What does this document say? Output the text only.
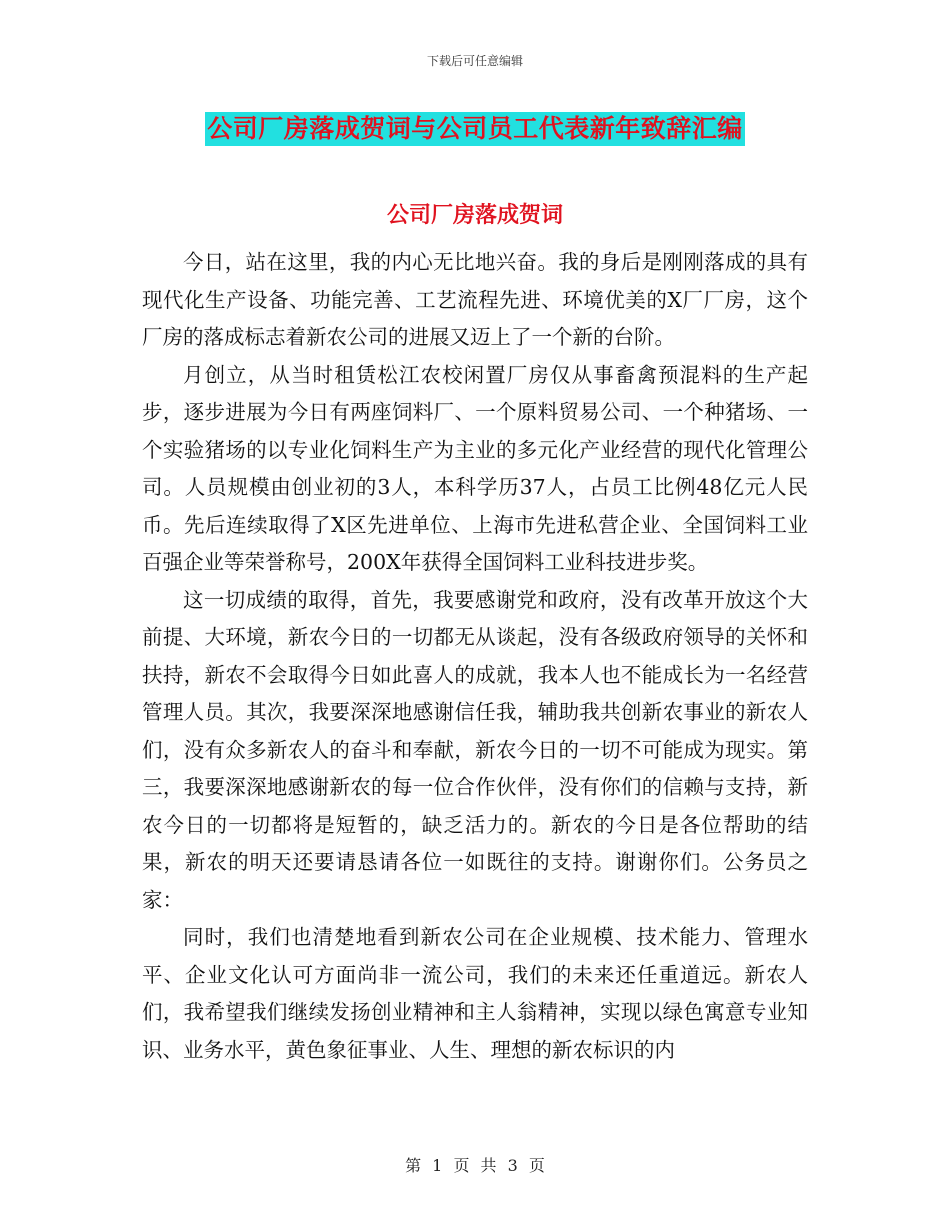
下载后可任意编辑
公司厂房落成贺词与公司员工代表新年致辞汇编
公司厂房落成贺词

今日，站在这里，我的内心无比地兴奋。我的身后是刚刚落成的具有现代化生产设备、功能完善、工艺流程先进、环境优美的X厂厂房，这个厂房的落成标志着新农公司的进展又迈上了一个新的台阶。

月创立，从当时租赁松江农校闲置厂房仅从事畜禽预混料的生产起步，逐步进展为今日有两座饲料厂、一个原料贸易公司、一个种猪场、一个实验猪场的以专业化饲料生产为主业的多元化产业经营的现代化管理公司。人员规模由创业初的3人，本科学历37人，占员工比例48亿元人民币。先后连续取得了X区先进单位、上海市先进私营企业、全国饲料工业百强企业等荣誉称号，200X年获得全国饲料工业科技进步奖。

这一切成绩的取得，首先，我要感谢党和政府，没有改革开放这个大前提、大环境，新农今日的一切都无从谈起，没有各级政府领导的关怀和扶持，新农不会取得今日如此喜人的成就，我本人也不能成长为一名经营管理人员。其次，我要深深地感谢信任我，辅助我共创新农事业的新农人们，没有众多新农人的奋斗和奉献，新农今日的一切不可能成为现实。第三，我要深深地感谢新农的每一位合作伙伴，没有你们的信赖与支持，新农今日的一切都将是短暂的，缺乏活力的。新农的今日是各位帮助的结果，新农的明天还要请恳请各位一如既往的支持。谢谢你们。公务员之家：

同时，我们也清楚地看到新农公司在企业规模、技术能力、管理水平、企业文化认可方面尚非一流公司，我们的未来还任重道远。新农人们，我希望我们继续发扬创业精神和主人翁精神，实现以绿色寓意专业知识、业务水平，黄色象征事业、人生、理想的新农标识的内

第 1 页 共 3 页
